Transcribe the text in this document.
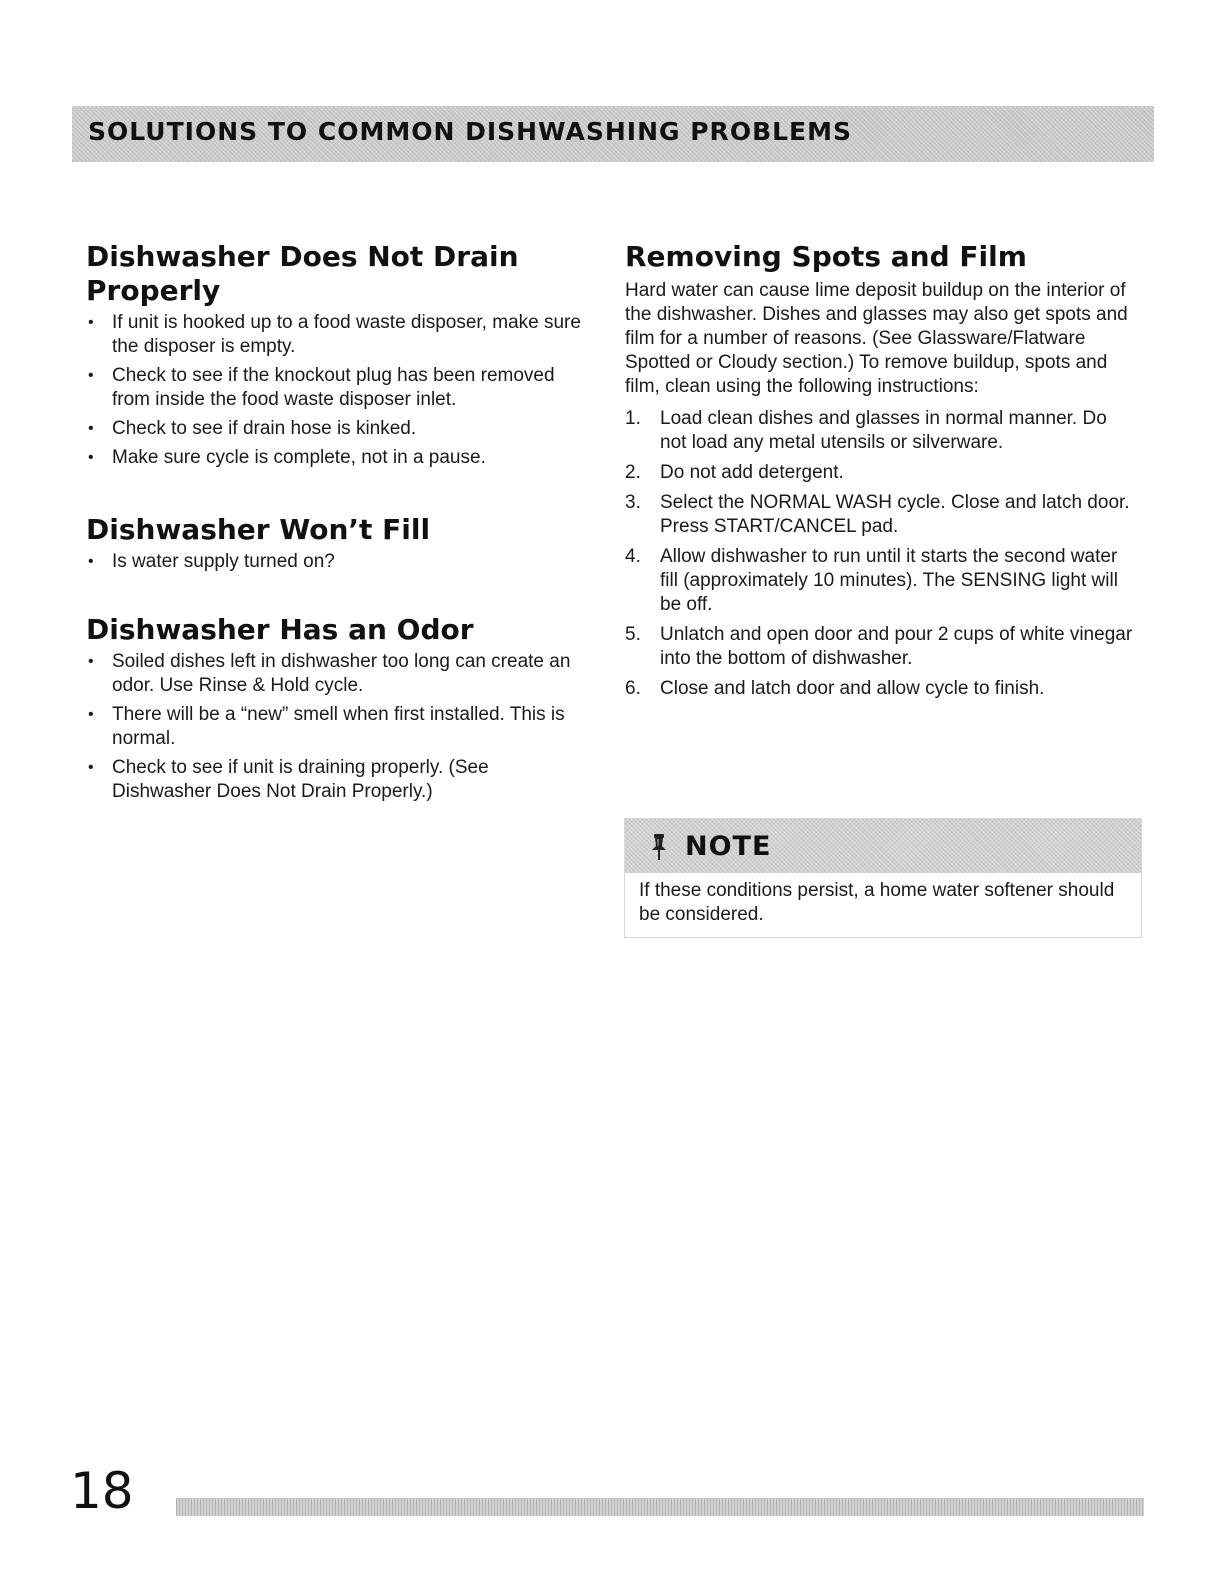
SOLUTIONS TO COMMON DISHWASHING PROBLEMS
Dishwasher Does Not Drain Properly
• If unit is hooked up to a food waste disposer, make sure the disposer is empty.
• Check to see if the knockout plug has been removed from inside the food waste disposer inlet.
• Check to see if drain hose is kinked.
• Make sure cycle is complete, not in a pause.
Dishwasher Won’t Fill
• Is water supply turned on?
Dishwasher Has an Odor
• Soiled dishes left in dishwasher too long can create an odor. Use Rinse & Hold cycle.
• There will be a “new” smell when first installed. This is normal.
• Check to see if unit is draining properly. (See Dishwasher Does Not Drain Properly.)
Removing Spots and Film

Hard water can cause lime deposit buildup on the interior of the dishwasher. Dishes and glasses may also get spots and film for a number of reasons. (See Glassware/Flatware Spotted or Cloudy section.) To remove buildup, spots and film, clean using the following instructions:

1.	Load clean dishes and glasses in normal manner. Do not load any metal utensils or silverware.
2.	Do not add detergent.
3.	Select the NORMAL WASH cycle. Close and latch door. Press START/CANCEL pad.
4.	Allow dishwasher to run until it starts the second water fill (approximately 10 minutes). The SENSING light will be off.
5.	Unlatch and open door and pour 2 cups of white vinegar into the bottom of dishwasher.
6.	Close and latch door and allow cycle to finish.
NOTE
If these conditions persist, a home water softener should be considered.
18
